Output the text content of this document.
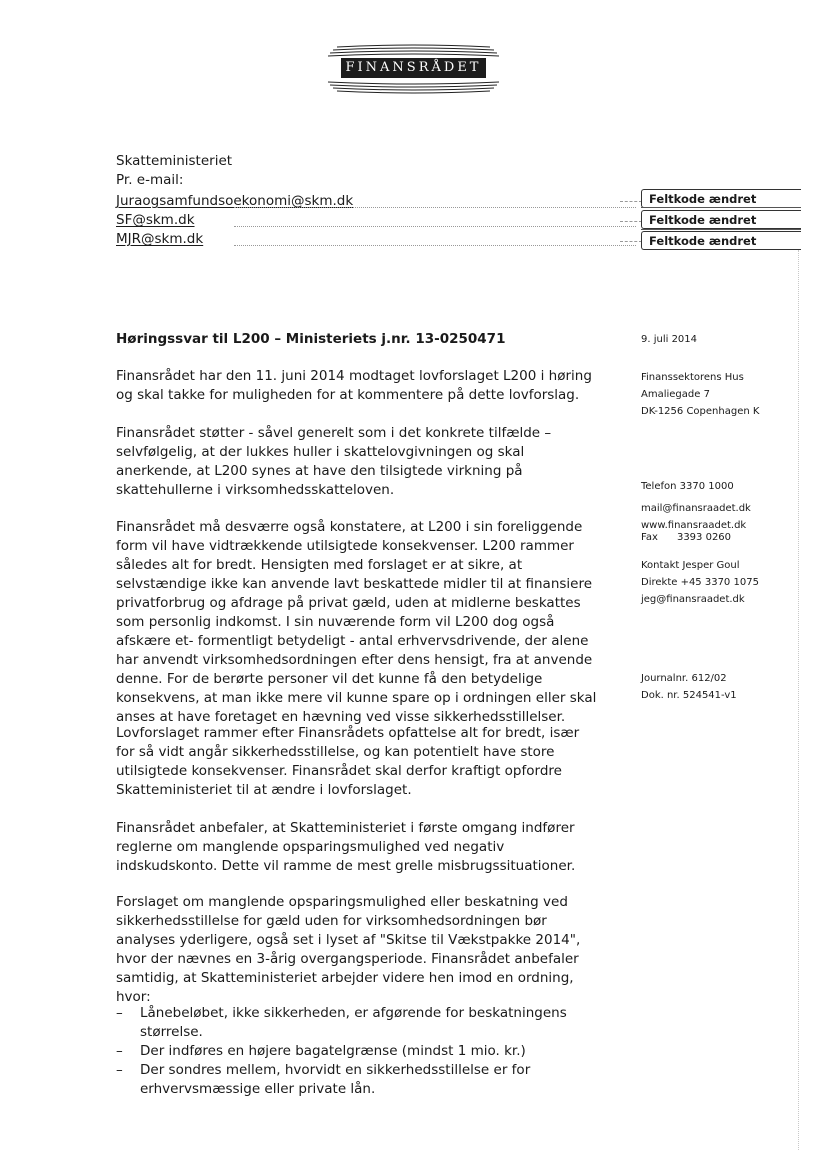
FINANSRÅDET
Skatteministeriet
Pr. e-mail:
Juraogsamfundsoekonomi@skm.dk
SF@skm.dk
MJR@skm.dk
Feltkode ændret
Feltkode ændret
Feltkode ændret
Høringssvar til L200 – Ministeriets j.nr. 13-0250471

Finansrådet har den 11. juni 2014 modtaget lovforslaget L200 i høring og skal takke for muligheden for at kommentere på dette lovforslag.

Finansrådet støtter - såvel generelt som i det konkrete tilfælde – selvfølgelig, at der lukkes huller i skattelovgivningen og skal anerkende, at L200 synes at have den tilsigtede virkning på skattehullerne i virksomhedsskatteloven.

Finansrådet må desværre også konstatere, at L200 i sin foreliggende form vil have vidtrækkende utilsigtede konsekvenser. L200 rammer således alt for bredt. Hensigten med forslaget er at sikre, at selvstændige ikke kan anvende lavt beskattede midler til at finansiere privatforbrug og afdrage på privat gæld, uden at midlerne beskattes som personlig indkomst. I sin nuværende form vil L200 dog også afskære et- formentligt betydeligt - antal erhvervsdrivende, der alene har anvendt virksomhedsordningen efter dens hensigt, fra at anvende denne. For de berørte personer vil det kunne få den betydelige konsekvens, at man ikke mere vil kunne spare op i ordningen eller skal anses at have foretaget en hævning ved visse sikkerhedsstillelser.

Lovforslaget rammer efter Finansrådets opfattelse alt for bredt, især for så vidt angår sikkerhedsstillelse, og kan potentielt have store utilsigtede konsekvenser. Finansrådet skal derfor kraftigt opfordre Skatteministeriet til at ændre i lovforslaget.

Finansrådet anbefaler, at Skatteministeriet i første omgang indfører reglerne om manglende opsparingsmulighed ved negativ indskudskonto. Dette vil ramme de mest grelle misbrugssituationer.

Forslaget om manglende opsparingsmulighed eller beskatning ved sikkerhedsstillelse for gæld uden for virksomhedsordningen bør analyses yderligere, også set i lyset af "Skitse til Vækstpakke 2014", hvor der nævnes en 3-årig overgangsperiode. Finansrådet anbefaler samtidig, at Skatteministeriet arbejder videre hen imod en ordning, hvor:

– Lånebeløbet, ikke sikkerheden, er afgørende for beskatningens størrelse.
– Der indføres en højere bagatelgrænse (mindst 1 mio. kr.)
– Der sondres mellem, hvorvidt en sikkerhedsstillelse er for erhvervsmæssige eller private lån.
9. juli 2014
Finanssektorens Hus
Amaliegade 7
DK-1256 Copenhagen K

Telefon 3370 1000

Fax      3393 0260

mail@finansraadet.dk
www.finansraadet.dk
Kontakt Jesper Goul
Direkte +45 3370 1075
jeg@finansraadet.dk
Journalnr. 612/02
Dok. nr. 524541-v1
